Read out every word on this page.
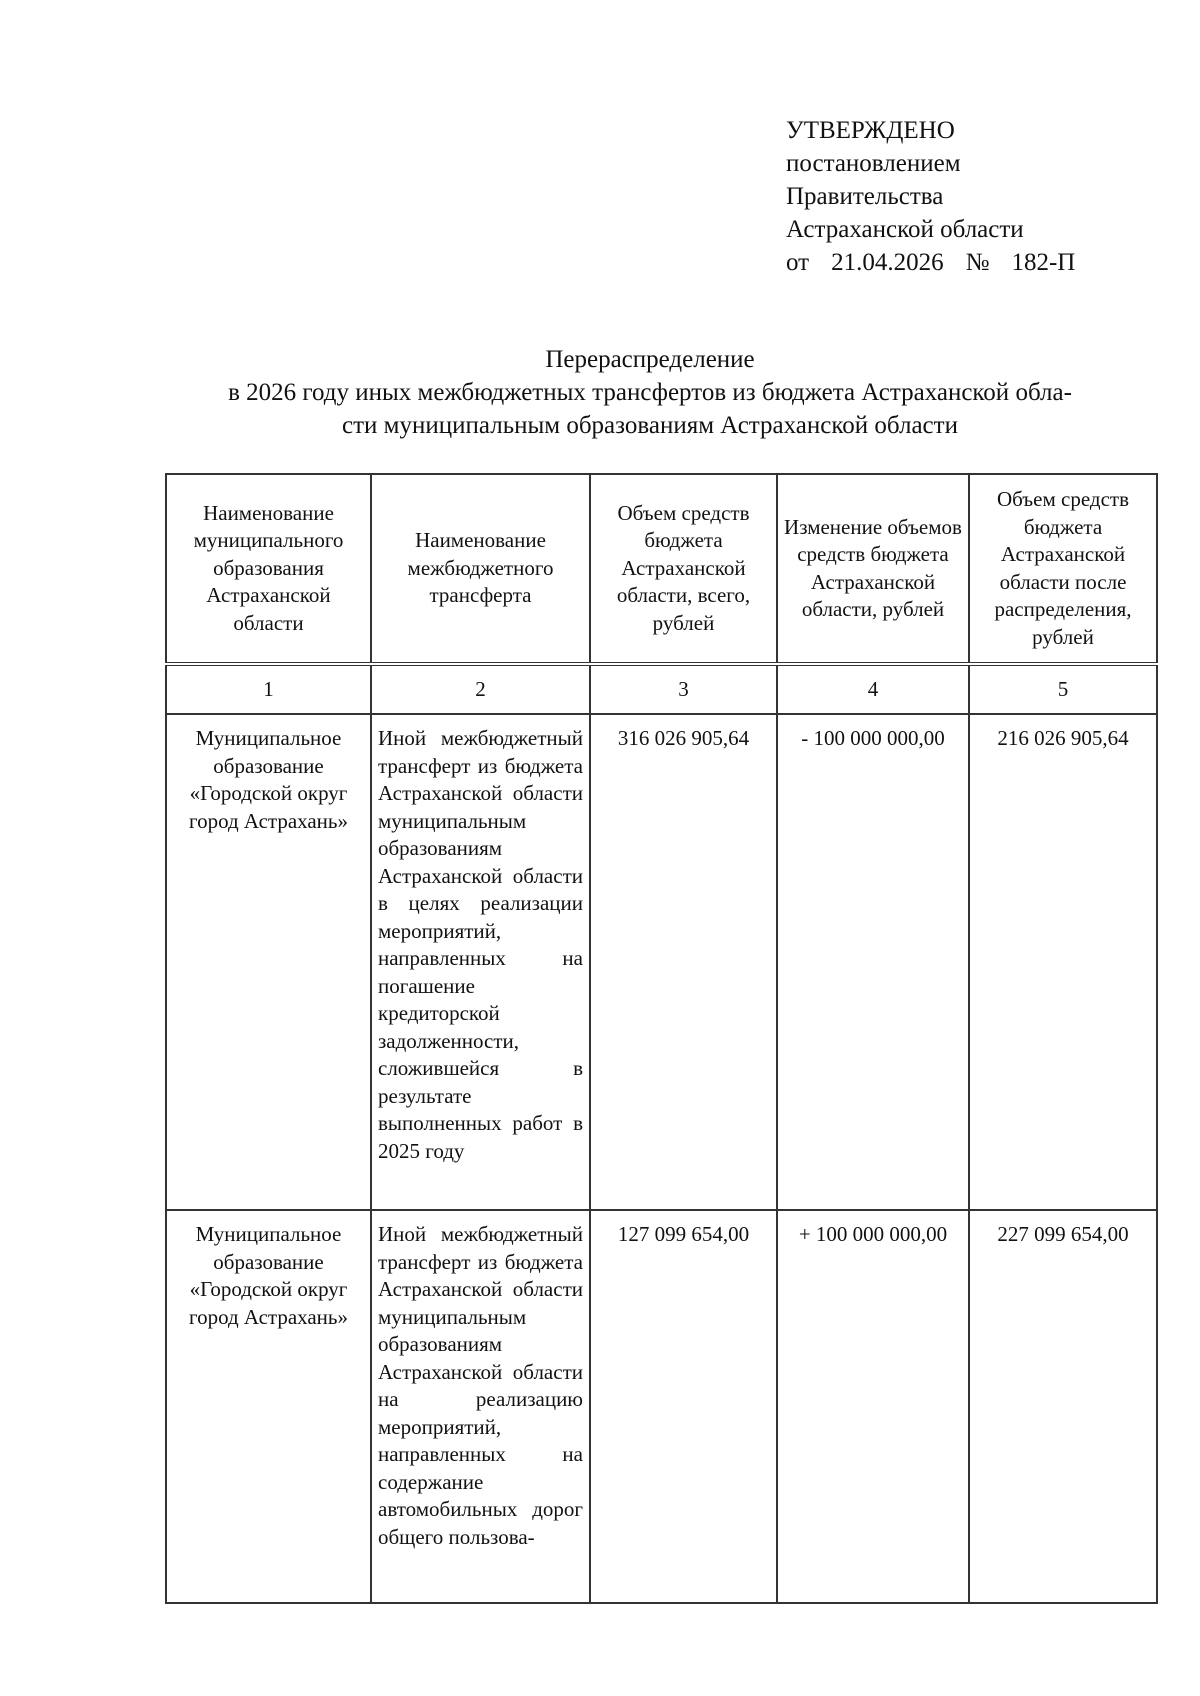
УТВЕРЖДЕНО
постановлением
Правительства
Астраханской области
от 21.04.2026 № 182-П
Перераспределение
в 2026 году иных межбюджетных трансфертов из бюджета Астраханской обла-
сти муниципальным образованиям Астраханской области
Наименование муниципального образования Астраханской области	Наименование межбюджетного трансферта	Объем средств бюджета Астраханской области, всего, рублей	Изменение объемов средств бюджета Астраханской области, рублей	Объем средств бюджета Астраханской области после распределения, рублей
1	2	3	4	5
Муниципальное образование «Городской округ город Астрахань»	Иной межбюджетный трансферт из бюджета Астраханской области муниципальным образованиям Астраханской области в целях реализации мероприятий, направленных на погашение кредиторской задолженности, сложившейся в результате выполненных работ в 2025 году	316 026 905,64	- 100 000 000,00	216 026 905,64
Муниципальное образование «Городской округ город Астрахань»	Иной межбюджетный трансферт из бюджета Астраханской области муниципальным образованиям Астраханской области на реализацию мероприятий, направленных на содержание автомобильных дорог общего пользова-	127 099 654,00	+ 100 000 000,00	227 099 654,00
